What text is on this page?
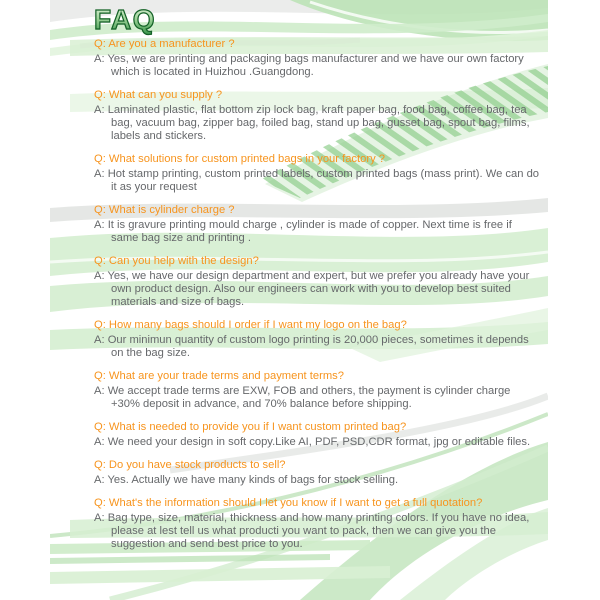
FAQ

Q: Are you a manufacturer ?

A: Yes, we are printing and packaging bags manufacturer and we have our own factory which is located in Huizhou .Guangdong.

Q: What can you supply ?

A: Laminated plastic, flat bottom zip lock bag, kraft paper bag, food bag, coffee bag, tea bag, vacuum bag, zipper bag, foiled bag, stand up bag, gusset bag, spout bag, films, labels and stickers.

Q: What solutions for custom printed bags in your factory ?

A: Hot stamp printing, custom printed labels, custom printed bags (mass print). We can do it as your request

Q: What is cylinder charge ?

A: It is gravure printing mould charge , cylinder is made of copper. Next time is free if same bag size and printing .

Q: Can you help with the design?

A: Yes, we have our design department and expert, but we prefer you already have your own product design. Also our engineers can work with you to develop best suited materials and size of bags.

Q: How many bags should I order if I want my logo on the bag?

A: Our minimun quantity of custom logo printing is 20,000 pieces, sometimes it depends on the bag size.

Q: What are your trade terms and payment terms?

A: We accept trade terms are EXW, FOB and others, the payment is cylinder charge +30% deposit in advance, and 70% balance before shipping.

Q: What is needed to provide you if I want custom printed bag?

A: We need your design in soft copy.Like AI, PDF, PSD,CDR format, jpg or editable files.

Q: Do you have stock products to sell?

A: Yes. Actually we have many kinds of bags for stock selling.

Q: What's the information should I let you know if I want to get a full quotation?

A: Bag type, size, material, thickness and how many printing colors. If you have no idea, please at lest tell us what producti you want to pack, then we can give you the suggestion and send best price to you.
